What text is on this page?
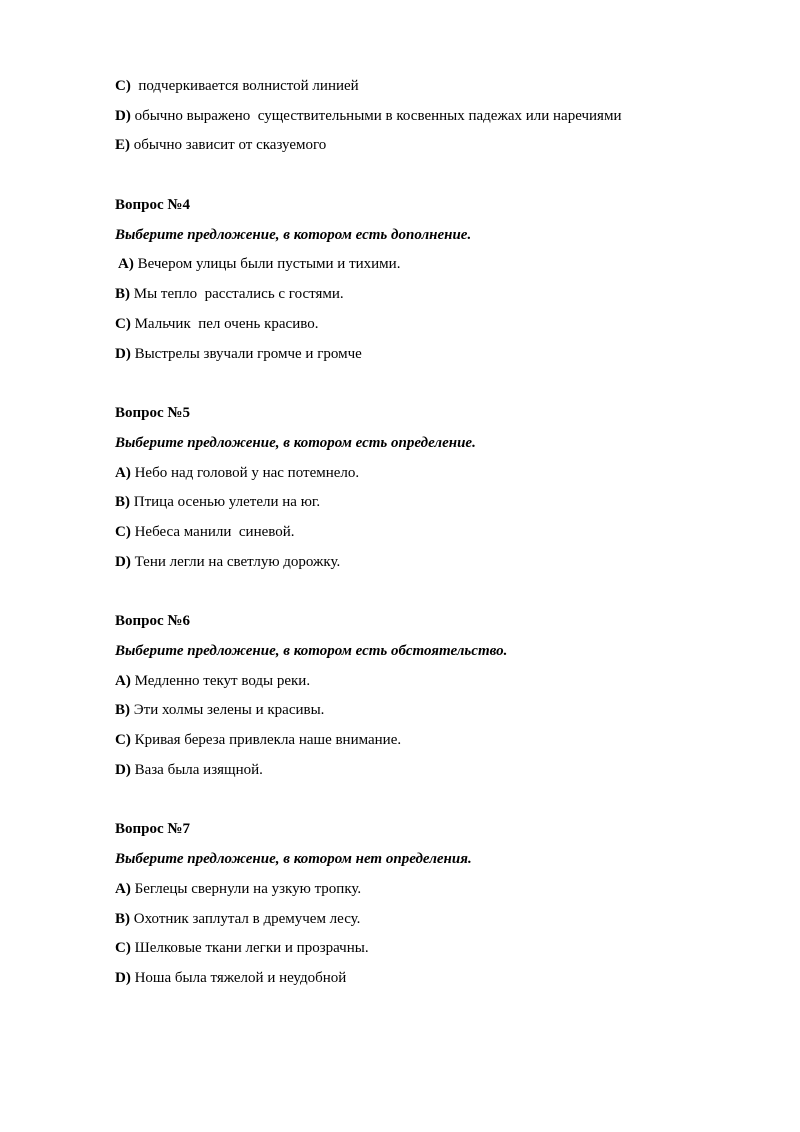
C)  подчеркивается волнистой линией
D) обычно выражено  существительными в косвенных падежах или наречиями
E) обычно зависит от сказуемого
Вопрос №4
Выберите предложение, в котором есть дополнение.
A) Вечером улицы были пустыми и тихими.
B) Мы тепло  расстались с гостями.
C) Мальчик  пел очень красиво.
D) Выстрелы звучали громче и громче
Вопрос №5
Выберите предложение, в котором есть определение.
A) Небо над головой у нас потемнело.
B) Птица осенью улетели на юг.
C) Небеса манили  синевой.
D) Тени легли на светлую дорожку.
Вопрос №6
Выберите предложение, в котором есть обстоятельство.
A) Медленно текут воды реки.
B) Эти холмы зелены и красивы.
C) Кривая береза привлекла наше внимание.
D) Ваза была изящной.
Вопрос №7
Выберите предложение, в котором нет определения.
A) Беглецы свернули на узкую тропку.
B) Охотник заплутал в дремучем лесу.
C) Шелковые ткани легки и прозрачны.
D) Ноша была тяжелой и неудобной
